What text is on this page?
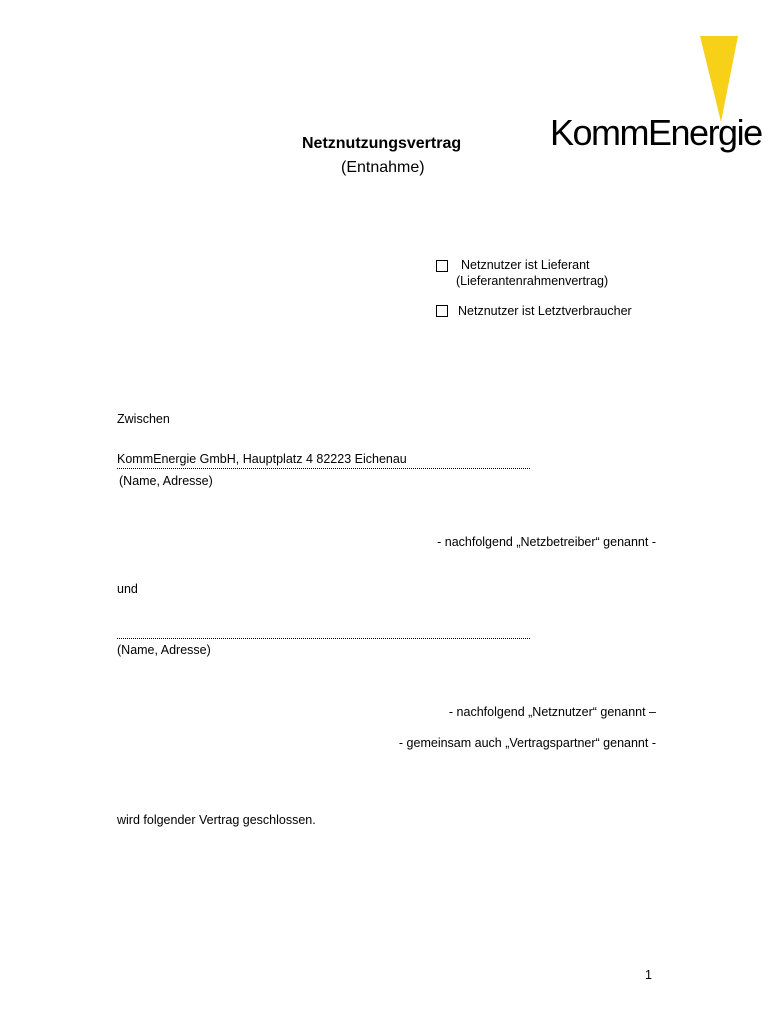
KommEnergie
Netznutzungsvertrag
(Entnahme)
Netznutzer ist Lieferant
(Lieferantenrahmenvertrag)
Netznutzer ist Letztverbraucher
Zwischen
KommEnergie GmbH, Hauptplatz 4 82223 Eichenau
(Name, Adresse)
- nachfolgend „Netzbetreiber“ genannt -
und
(Name, Adresse)
- nachfolgend „Netznutzer“ genannt –
- gemeinsam auch „Vertragspartner“ genannt -
wird folgender Vertrag geschlossen.
1
